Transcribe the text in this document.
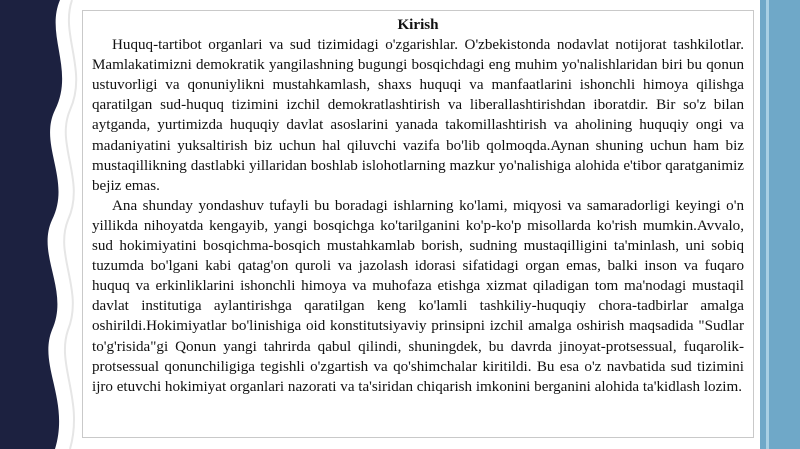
Kirish

Huquq-tartibot organlari va sud tizimidagi o'zgarishlar. O'zbekistonda nodavlat notijorat tashkilotlar. Mamlakatimizni demokratik yangilashning bugungi bosqichdagi eng muhim yo'nalishlaridan biri bu qonun ustuvorligi va qonuniylikni mustahkamlash, shaxs huquqi va manfaatlarini ishonchli himoya qilishga qaratilgan sud-huquq tizimini izchil demokratlashtirish va liberallashtirishdan iboratdir. Bir so'z bilan aytganda, yurtimizda huquqiy davlat asoslarini yanada takomillashtirish va aholining huquqiy ongi va madaniyatini yuksaltirish biz uchun hal qiluvchi vazifa bo'lib qolmoqda.Aynan shuning uchun ham biz mustaqillikning dastlabki yillaridan boshlab islohotlarning mazkur yo'nalishiga alohida e'tibor qaratganimiz bejiz emas.

Ana shunday yondashuv tufayli bu boradagi ishlarning ko'lami, miqyosi va samaradorligi keyingi o'n yillikda nihoyatda kengayib, yangi bosqichga ko'tarilganini ko'p-ko'p misollarda ko'rish mumkin.Avvalo, sud hokimiyatini bosqichma-bosqich mustahkamlab borish, sudning mustaqilligini ta'minlash, uni sobiq tuzumda bo'lgani kabi qatag'on quroli va jazolash idorasi sifatidagi organ emas, balki inson va fuqaro huquq va erkinliklarini ishonchli himoya va muhofaza etishga xizmat qiladigan tom ma'nodagi mustaqil davlat institutiga aylantirishga qaratilgan keng ko'lamli tashkiliy-huquqiy chora-tadbirlar amalga oshirildi.Hokimiyatlar bo'linishiga oid konstitutsiyaviy prinsipni izchil amalga oshirish maqsadida "Sudlar to'g'risida"gi Qonun yangi tahrirda qabul qilindi, shuningdek, bu davrda jinoyat-protsessual, fuqarolik-protsessual qonunchiligiga tegishli o'zgartish va qo'shimchalar kiritildi. Bu esa o'z navbatida sud tizimini ijro etuvchi hokimiyat organlari nazorati va ta'siridan chiqarish imkonini berganini alohida ta'kidlash lozim.
